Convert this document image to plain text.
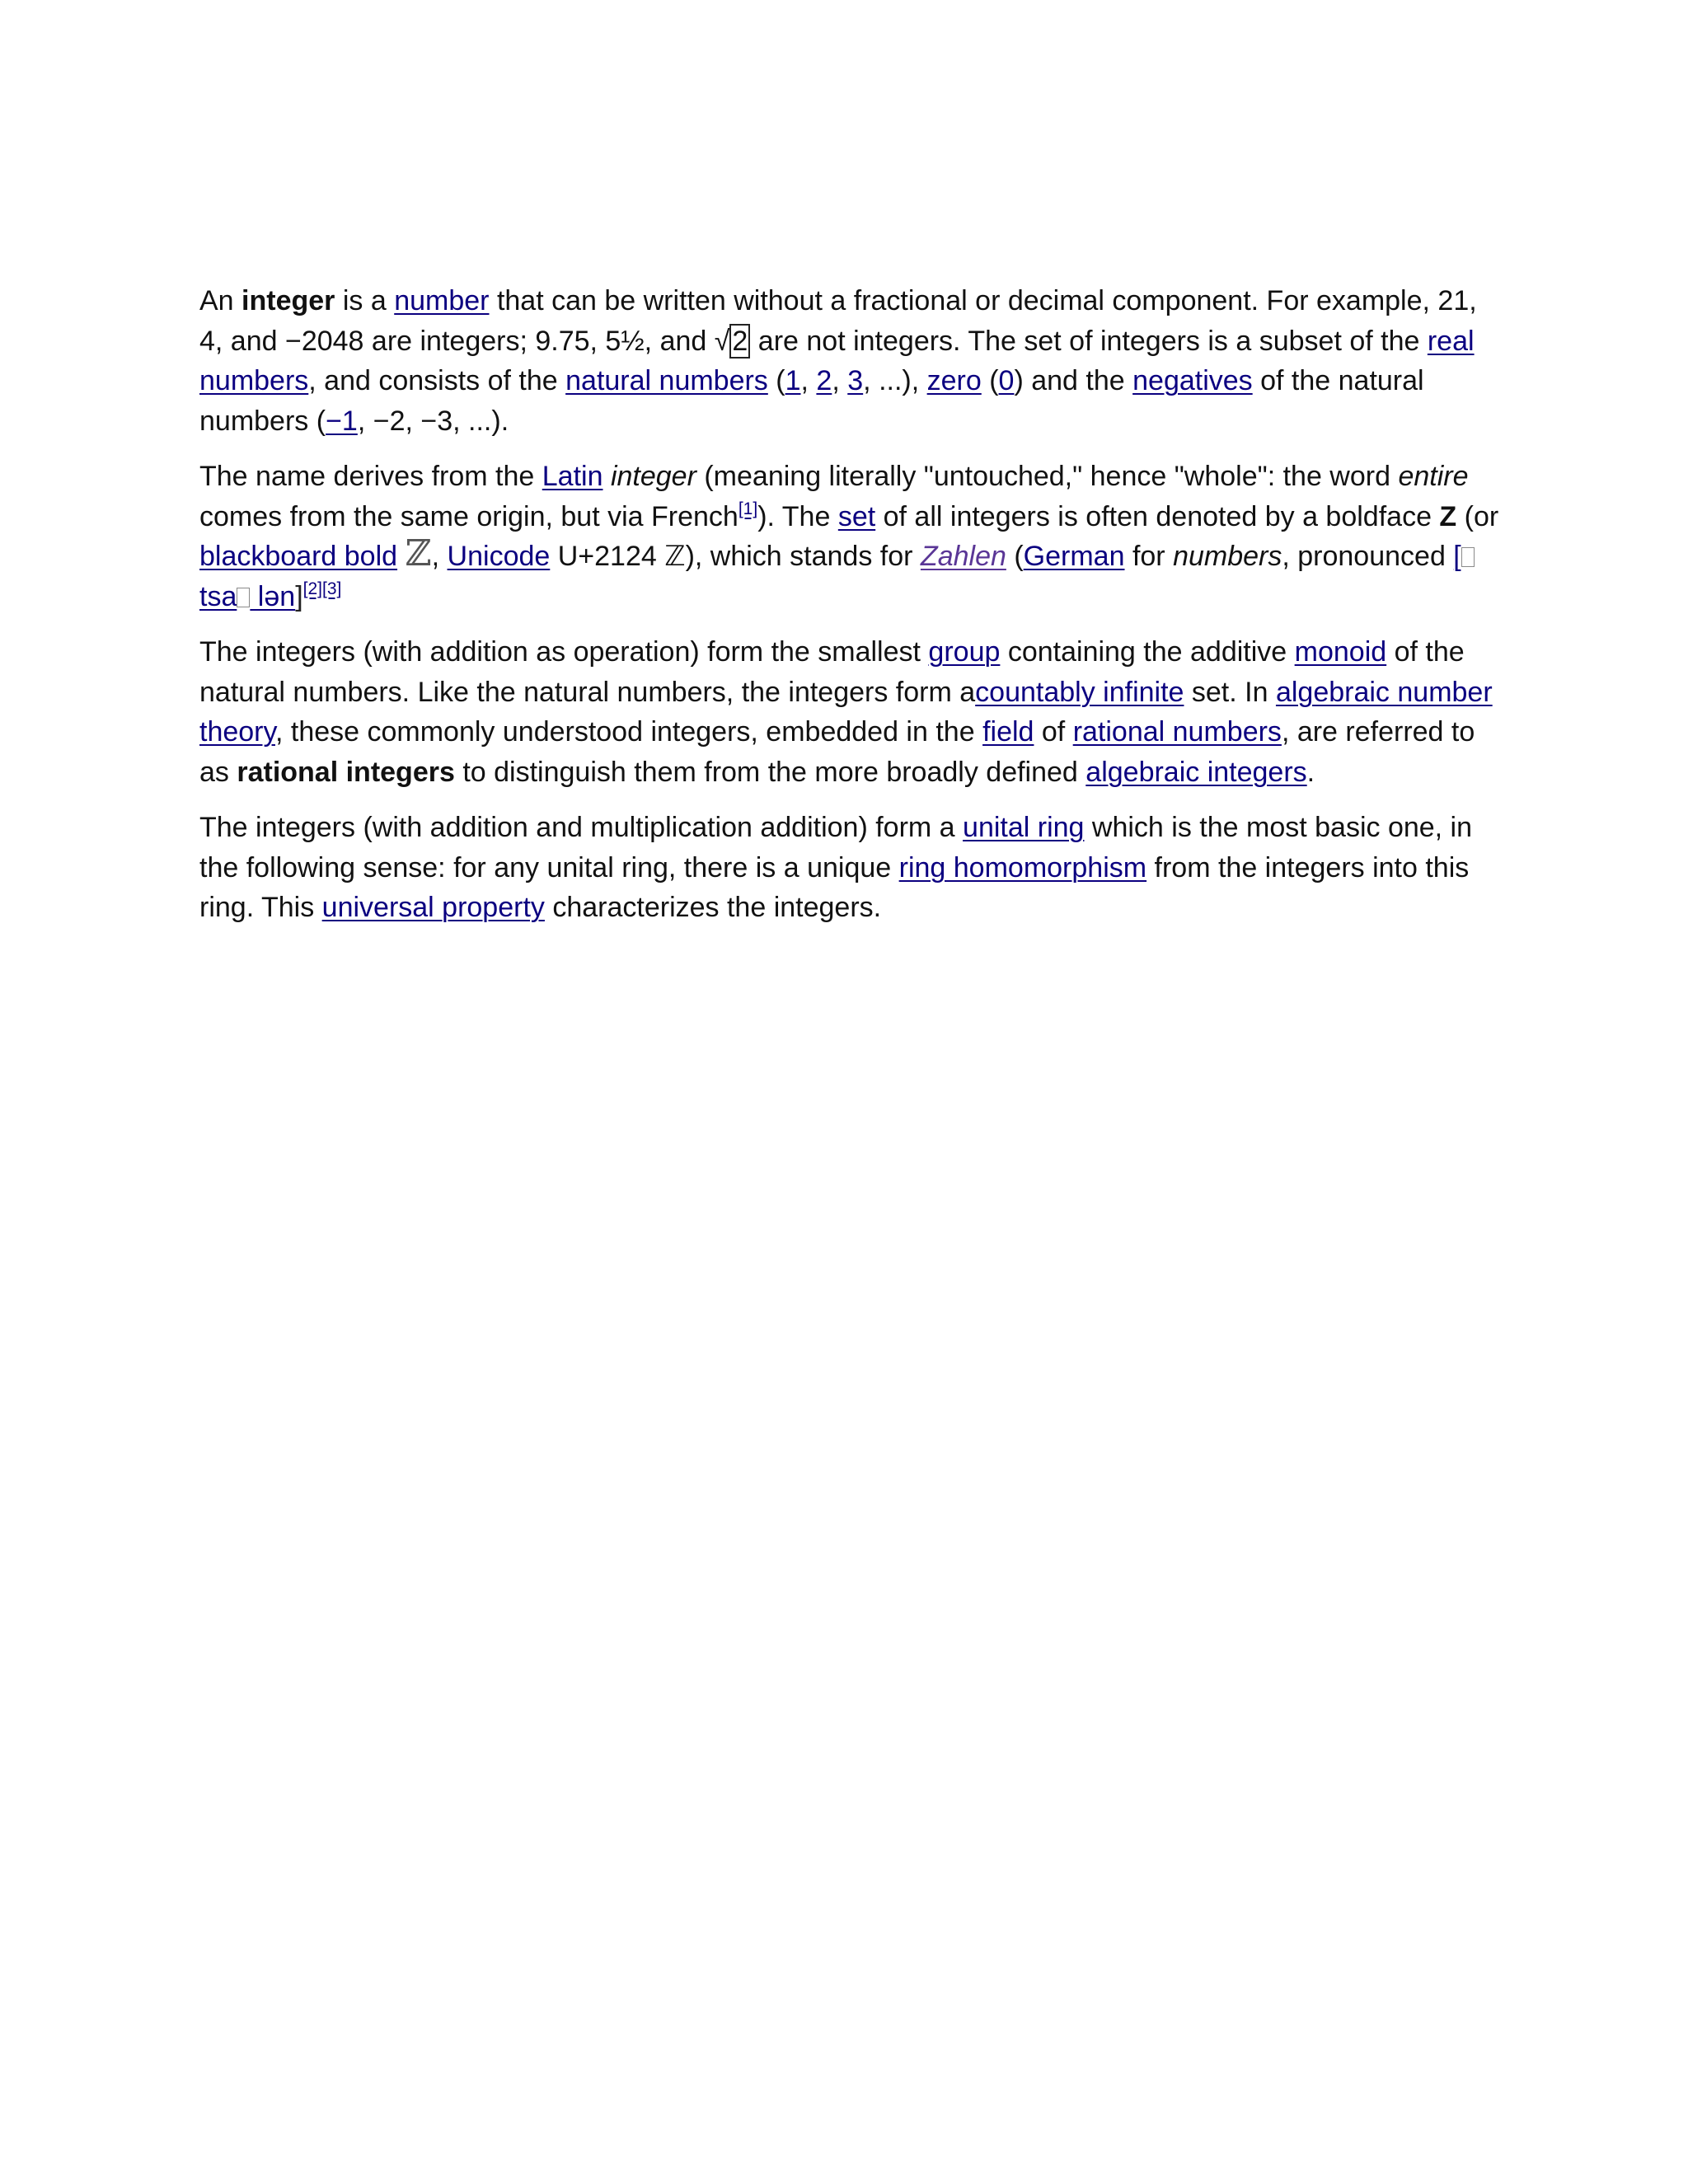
An integer is a number that can be written without a fractional or decimal component. For example, 21, 4, and −2048 are integers; 9.75, 5½, and √2 are not integers. The set of integers is a subset of the real numbers, and consists of the natural numbers (1, 2, 3, ...), zero (0) and the negatives of the natural numbers (−1, −2, −3, ...).

The name derives from the Latin integer (meaning literally "untouched," hence "whole": the word entire comes from the same origin, but via French[1]). The set of all integers is often denoted by a boldface Z (or blackboard bold ℤ, Unicode U+2124 ℤ), which stands for Zahlen (German for numbers, pronounced [ tsa lən][2][3]

The integers (with addition as operation) form the smallest group containing the additive monoid of the natural numbers. Like the natural numbers, the integers form acountably infinite set. In algebraic number theory, these commonly understood integers, embedded in the field of rational numbers, are referred to as rational integers to distinguish them from the more broadly defined algebraic integers.

The integers (with addition and multiplication addition) form a unital ring which is the most basic one, in the following sense: for any unital ring, there is a unique ring homomorphism from the integers into this ring. This universal property characterizes the integers.
